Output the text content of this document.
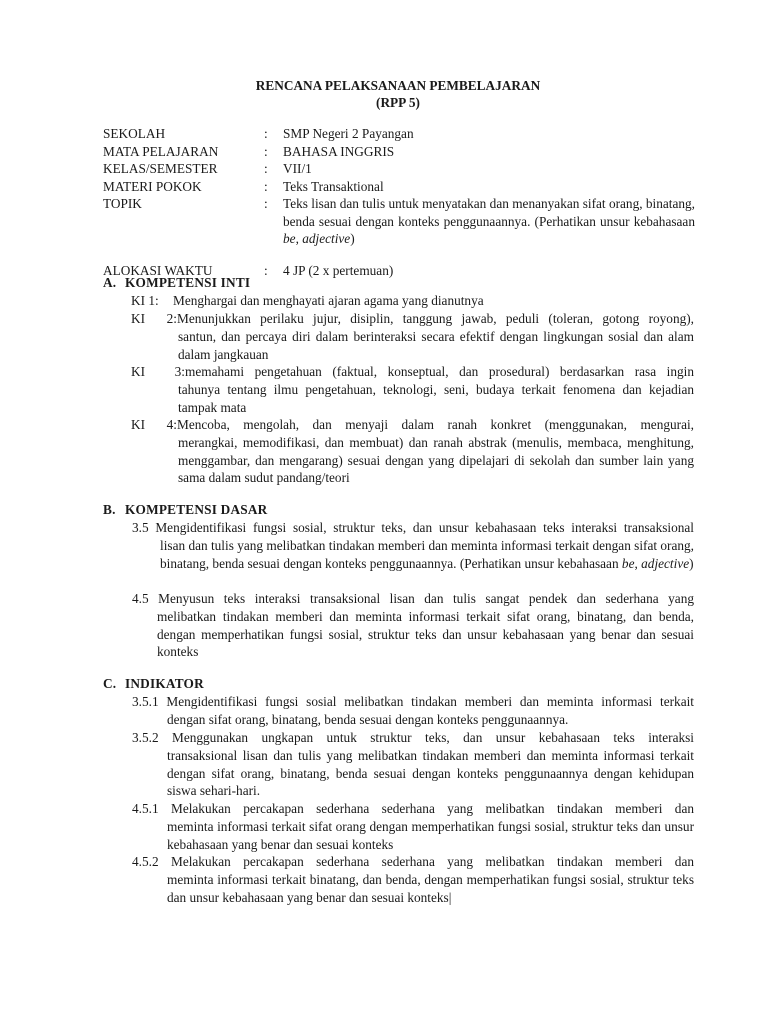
RENCANA PELAKSANAAN PEMBELAJARAN
(RPP 5)
SEKOLAH	: SMP Negeri 2 Payangan
MATA PELAJARAN	: BAHASA INGGRIS
KELAS/SEMESTER	: VII/1
MATERI POKOK	: Teks Transaktional
TOPIK	: Teks lisan dan tulis untuk menyatakan dan menanyakan sifat orang, binatang, benda sesuai dengan konteks penggunaannya. (Perhatikan unsur kebahasaan be, adjective)
ALOKASI WAKTU	: 4 JP (2 x pertemuan)
A. KOMPETENSI INTI
KI 1: Menghargai dan menghayati ajaran agama yang dianutnya
KI 2:Menunjukkan perilaku jujur, disiplin, tanggung jawab, peduli (toleran, gotong royong),
santun, dan percaya diri dalam berinteraksi secara efektif dengan lingkungan sosial dan alam dalam jangkauan
KI 3:memahami pengetahuan (faktual, konseptual, dan prosedural) berdasarkan rasa ingin
tahunya tentang ilmu pengetahuan, teknologi, seni, budaya terkait fenomena dan kejadian tampak mata
KI 4:Mencoba, mengolah, dan menyaji dalam ranah konkret (menggunakan, mengurai,
merangkai, memodifikasi, dan membuat) dan ranah abstrak (menulis, membaca, menghitung, menggambar, dan mengarang) sesuai dengan yang dipelajari di sekolah dan sumber lain yang sama dalam sudut pandang/teori
B. KOMPETENSI DASAR
3.5 Mengidentifikasi fungsi sosial, struktur teks, dan unsur kebahasaan teks interaksi transaksional
lisan dan tulis yang melibatkan tindakan memberi dan meminta informasi terkait dengan sifat orang, binatang, benda sesuai dengan konteks penggunaannya. (Perhatikan unsur kebahasaan be, adjective)
4.5 Menyusun teks interaksi transaksional lisan dan tulis sangat pendek dan sederhana yang
melibatkan tindakan memberi dan meminta informasi terkait sifat orang, binatang, dan benda, dengan memperhatikan fungsi sosial, struktur teks dan unsur kebahasaan yang benar dan sesuai konteks
C. INDIKATOR
3.5.1 Mengidentifikasi fungsi sosial melibatkan tindakan memberi dan meminta informasi terkait
dengan sifat orang, binatang, benda sesuai dengan konteks penggunaannya.
3.5.2 Menggunakan ungkapan untuk struktur teks, dan unsur kebahasaan teks interaksi
transaksional lisan dan tulis yang melibatkan tindakan memberi dan meminta informasi terkait dengan sifat orang, binatang, benda sesuai dengan konteks penggunaannya dengan kehidupan siswa sehari-hari.
4.5.1 Melakukan percakapan sederhana sederhana yang melibatkan tindakan memberi dan
meminta informasi terkait sifat orang dengan memperhatikan fungsi sosial, struktur teks dan unsur kebahasaan yang benar dan sesuai konteks
4.5.2 Melakukan percakapan sederhana sederhana yang melibatkan tindakan memberi dan
meminta informasi terkait binatang, dan benda, dengan memperhatikan fungsi sosial, struktur teks dan unsur kebahasaan yang benar dan sesuai konteks|
